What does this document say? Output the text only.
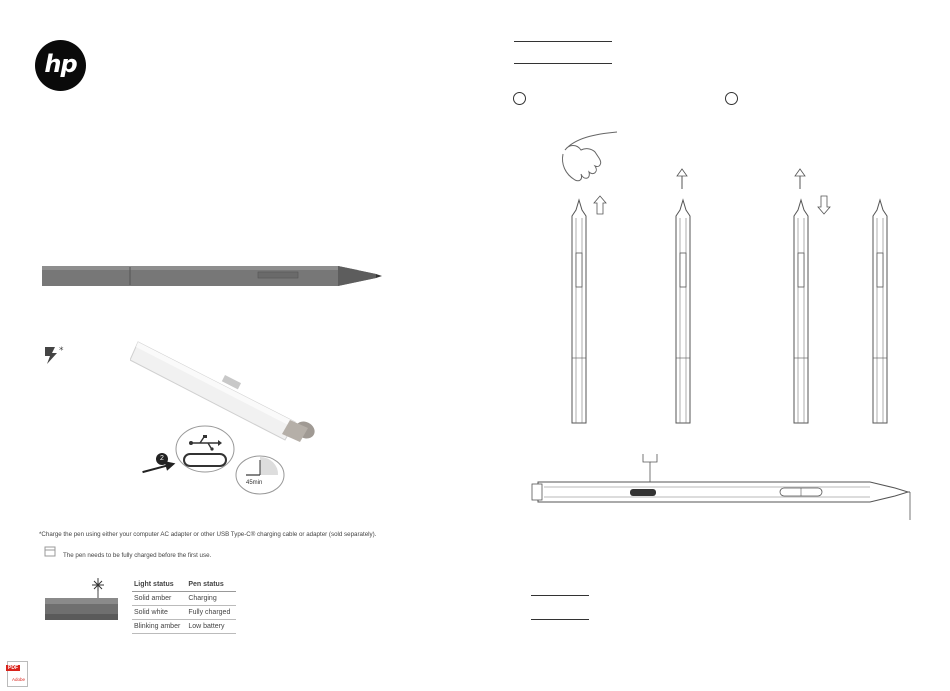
hp
*
2
45min
*Charge the pen using either your computer AC adapter or other USB Type-C® charging cable or adapter (sold separately).
The pen needs to be fully charged before the first use.
Light status	Pen status
Solid amber	Charging
Solid white	Fully charged
Blinking amber	Low battery
PDF
Adobe
